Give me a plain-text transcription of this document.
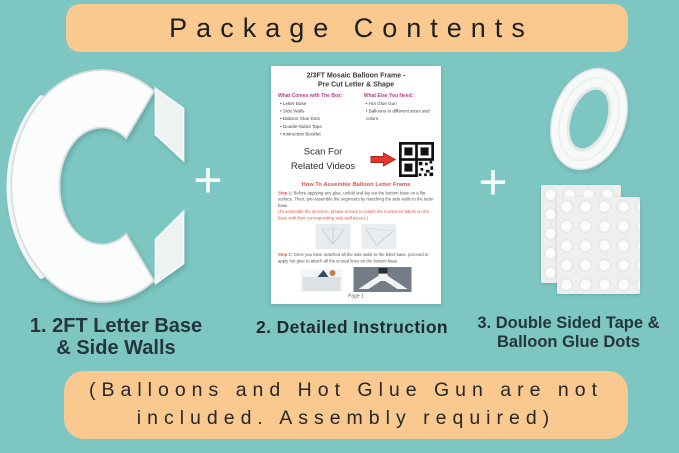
Package Contents
+	+
2/3FT Mosaic Balloon Frame -
Pre Cut Letter & Shape
What Comes with The Box:
• Letter Base
• Side Walls
• Balloon Glue Dots
• Double-Sided Tape
• Instruction Booklet
What Else You Need:
• Hot Glue Gun
• Balloons in different sizes and colors
Scan For
Related Videos
How To Assemble Balloon Letter Frame
Step 1: Before applying any glue, unfold and lay out the bottom base on a flat surface. Then, pre-assemble the segments by matching the side walls to the letter base.
(To assemble the structure, please ensure to match the numbered labels on the base with their corresponding side wall pieces.)
Step 2: Once you have matched all the side walls to the letter base, proceed to apply hot glue to attach all the scored lines on the bottom base.
Page 1
1. 2FT Letter Base
& Side Walls
2. Detailed Instruction	3. Double Sided Tape &
Balloon Glue Dots
(Balloons and Hot Glue Gun are not
included. Assembly required)
